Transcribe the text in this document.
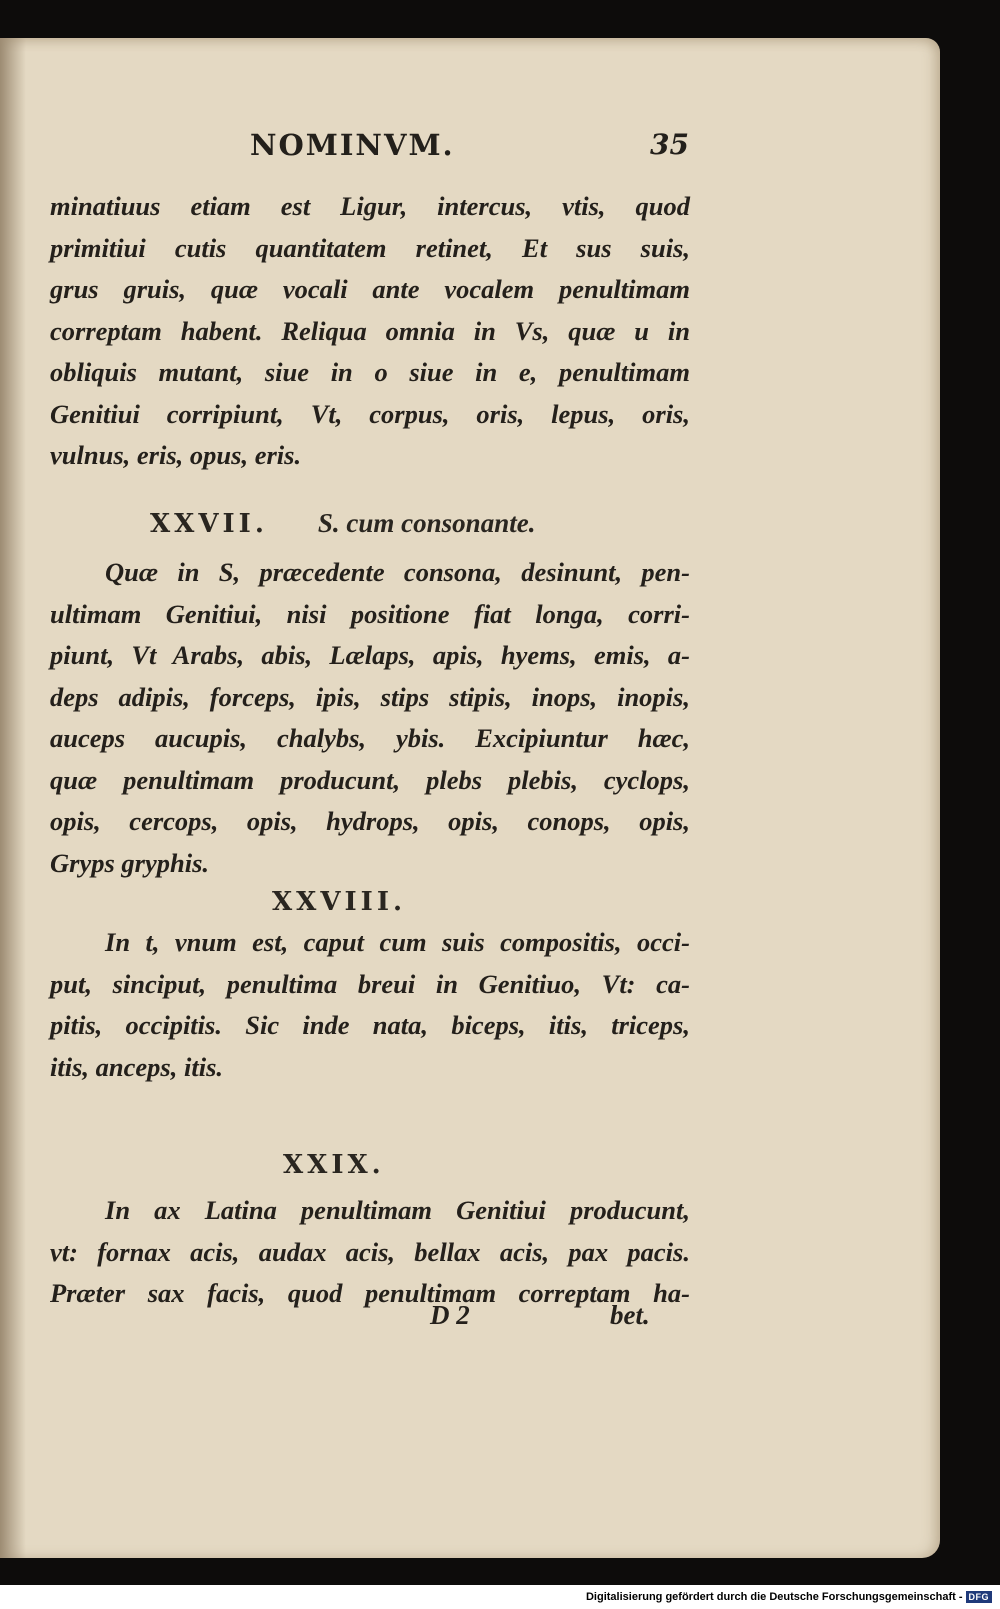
NOMINVM.	35
minatiuus etiam est Ligur, intercus, vtis, quod
primitiui cutis quantitatem retinet, Et sus suis,
grus gruis, quæ vocali ante vocalem penultimam
correptam habent. Reliqua omnia in Vs, quæ u in
obliquis mutant, siue in o siue in e, penultimam
Genitiui corripiunt, Vt, corpus, oris, lepus, oris,
vulnus, eris, opus, eris.
XXVII. S. cum consonante.
Quæ in S, præcedente consona, desinunt, pen-
ultimam Genitiui, nisi positione fiat longa, corri-
piunt, Vt Arabs, abis, Lælaps, apis, hyems, emis, a-
deps adipis, forceps, ipis, stips stipis, inops, inopis,
auceps aucupis, chalybs, ybis. Excipiuntur hæc,
quæ penultimam producunt, plebs plebis, cyclops,
opis, cercops, opis, hydrops, opis, conops, opis,
Gryps gryphis.
XXVIII.
In t, vnum est, caput cum suis compositis, occi-
put, sinciput, penultima breui in Genitiuo, Vt: ca-
pitis, occipitis. Sic inde nata, biceps, itis, triceps,
itis, anceps, itis.
XXIX.
In ax Latina penultimam Genitiui producunt,
vt: fornax acis, audax acis, bellax acis, pax pacis.
Præter sax facis, quod penultimam correptam ha-
D 2	bet.
Digitalisierung gefördert durch die Deutsche Forschungsgemeinschaft - DFG
